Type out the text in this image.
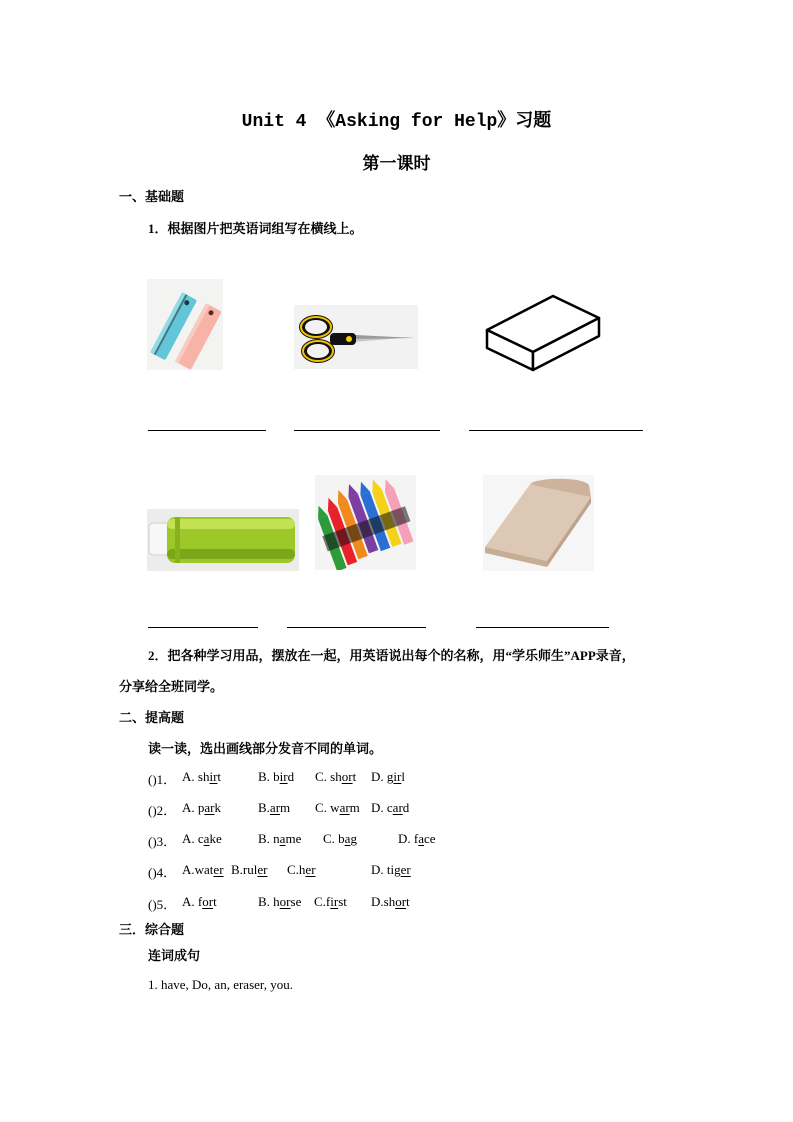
Unit 4 《Asking for Help》习题
第一课时
一、基础题
1．根据图片把英语词组写在横线上。
2．把各种学习用品，摆放在一起，用英语说出每个的名称，用“学乐师生”APP录音，
分享给全班同学。
二、提高题
读一读，选出画线部分发音不同的单词。
()1． A. shirt	B. bird C. short D. girl
()2． A. park	B.arm C. warm D. card
()3． A. cake	B. name C. bag	D. face
()4． A.water B.ruler C.her	D. tiger
()5． A. fort	B. horse C.first D.short
三．综合题
连词成句
1. have, Do, an, eraser, you.
